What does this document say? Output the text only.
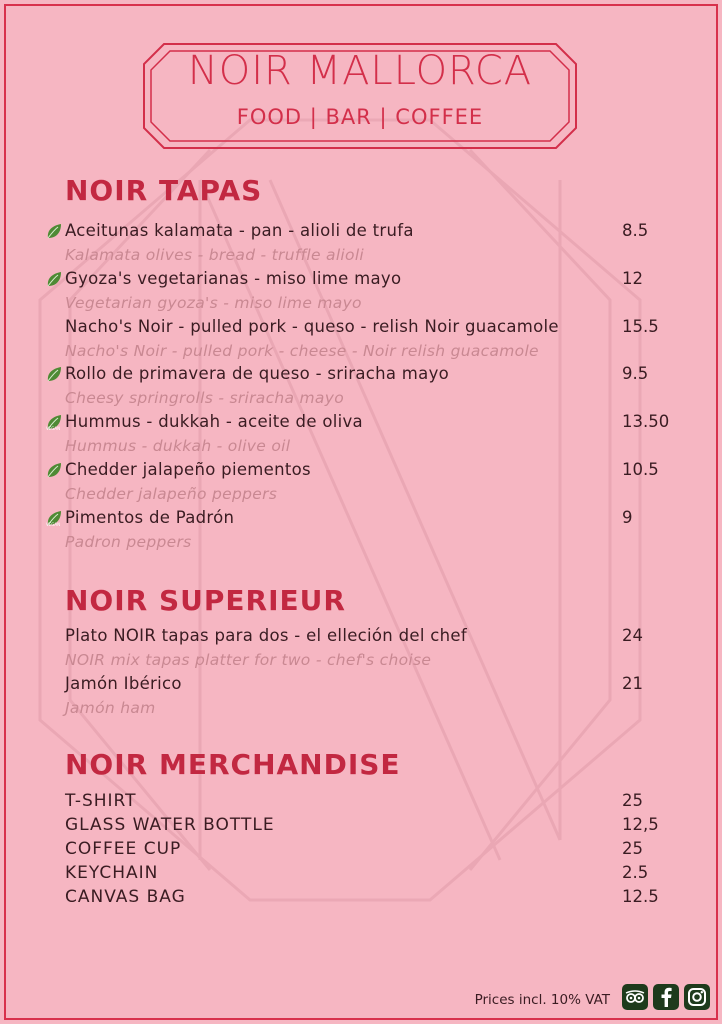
NOIR MALLORCA
FOOD | BAR | COFFEE
NOIR TAPAS
Aceitunas kalamata - pan - alioli de trufa
Kalamata olives - bread - truffle alioli
8.5
Gyoza's vegetarianas - miso lime mayo
Vegetarian gyoza's - miso lime mayo
12
Nacho's Noir - pulled pork - queso - relish Noir guacamole
Nacho's Noir - pulled pork - cheese - Noir relish guacamole
15.5
Rollo de primavera de queso - sriracha mayo
Cheesy springrolls - sriracha mayo
9.5
VEGAN Hummus - dukkah - aceite de oliva
Hummus - dukkah - olive oil
13.50
Chedder jalapeño piementos
Chedder jalapeño peppers
10.5
VEGAN Pimentos de Padrón
Padron peppers
9
NOIR SUPERIEUR
Plato NOIR tapas para dos - el elleción del chef
NOIR mix tapas platter for two - chef's choise
24
Jamón Ibérico
Jamón ham
21
NOIR MERCHANDISE
T-SHIRT	25
GLASS WATER BOTTLE	12,5
COFFEE CUP	25
KEYCHAIN	2.5
CANVAS BAG	12.5
Prices incl. 10% VAT
